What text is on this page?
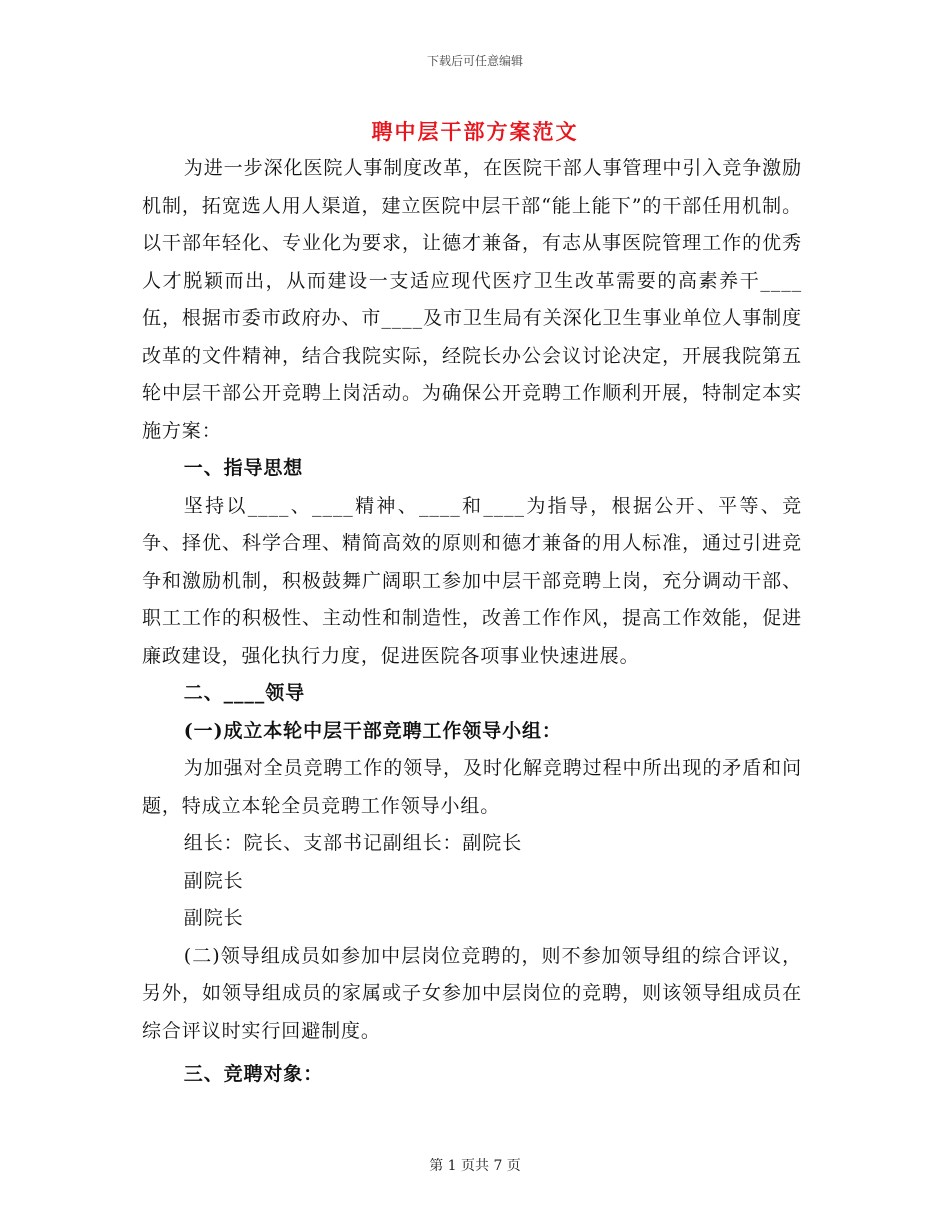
下载后可任意编辑
聘中层干部方案范文

为进一步深化医院人事制度改革，在医院干部人事管理中引入竞争激励机制，拓宽选人用人渠道，建立医院中层干部“能上能下”的干部任用机制。以干部年轻化、专业化为要求，让德才兼备，有志从事医院管理工作的优秀人才脱颖而出，从而建设一支适应现代医疗卫生改革需要的高素养干____伍，根据市委市政府办、市____及市卫生局有关深化卫生事业单位人事制度改革的文件精神，结合我院实际，经院长办公会议讨论决定，开展我院第五轮中层干部公开竞聘上岗活动。为确保公开竞聘工作顺利开展，特制定本实施方案：

一、指导思想

坚持以____、____精神、____和____为指导，根据公开、平等、竞争、择优、科学合理、精简高效的原则和德才兼备的用人标准，通过引进竞争和激励机制，积极鼓舞广阔职工参加中层干部竞聘上岗，充分调动干部、职工工作的积极性、主动性和制造性，改善工作作风，提高工作效能，促进廉政建设，强化执行力度，促进医院各项事业快速进展。

二、____领导

(一)成立本轮中层干部竞聘工作领导小组：

为加强对全员竞聘工作的领导，及时化解竞聘过程中所出现的矛盾和问题，特成立本轮全员竞聘工作领导小组。

组长：院长、支部书记副组长：副院长

副院长

副院长

(二)领导组成员如参加中层岗位竞聘的，则不参加领导组的综合评议，另外，如领导组成员的家属或子女参加中层岗位的竞聘，则该领导组成员在综合评议时实行回避制度。

三、竞聘对象：

第 1 页共 7 页
